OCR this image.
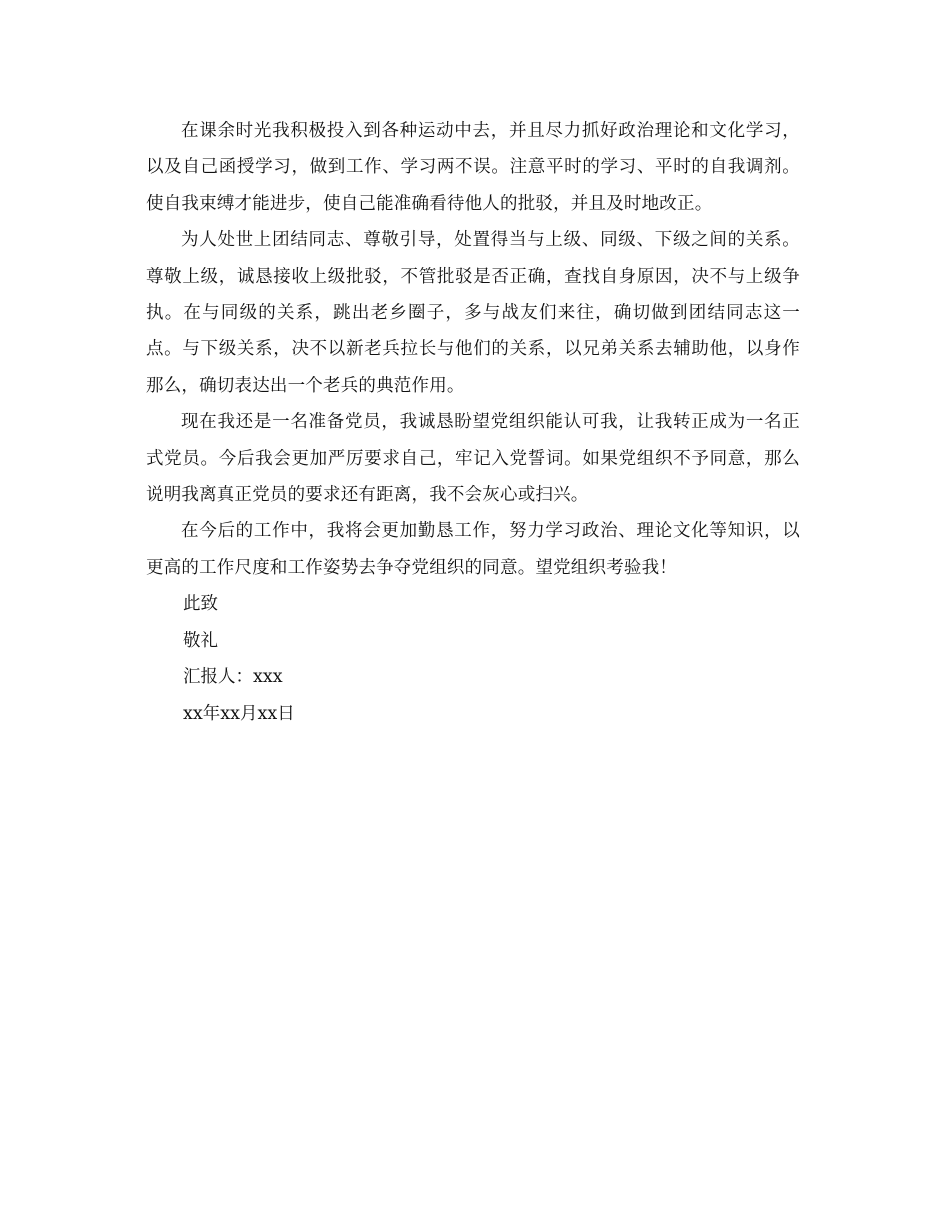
在课余时光我积极投入到各种运动中去，并且尽力抓好政治理论和文化学习，以及自己函授学习，做到工作、学习两不误。注意平时的学习、平时的自我调剂。使自我束缚才能进步，使自己能准确看待他人的批驳，并且及时地改正。

为人处世上团结同志、尊敬引导，处置得当与上级、同级、下级之间的关系。尊敬上级，诚恳接收上级批驳，不管批驳是否正确，查找自身原因，决不与上级争执。在与同级的关系，跳出老乡圈子，多与战友们来往，确切做到团结同志这一点。与下级关系，决不以新老兵拉长与他们的关系，以兄弟关系去辅助他，以身作那么，确切表达出一个老兵的典范作用。

现在我还是一名准备党员，我诚恳盼望党组织能认可我，让我转正成为一名正式党员。今后我会更加严厉要求自己，牢记入党誓词。如果党组织不予同意，那么说明我离真正党员的要求还有距离，我不会灰心或扫兴。

在今后的工作中，我将会更加勤恳工作，努力学习政治、理论文化等知识，以更高的工作尺度和工作姿势去争夺党组织的同意。望党组织考验我！

此致

敬礼

汇报人：xxx

xx年xx月xx日
